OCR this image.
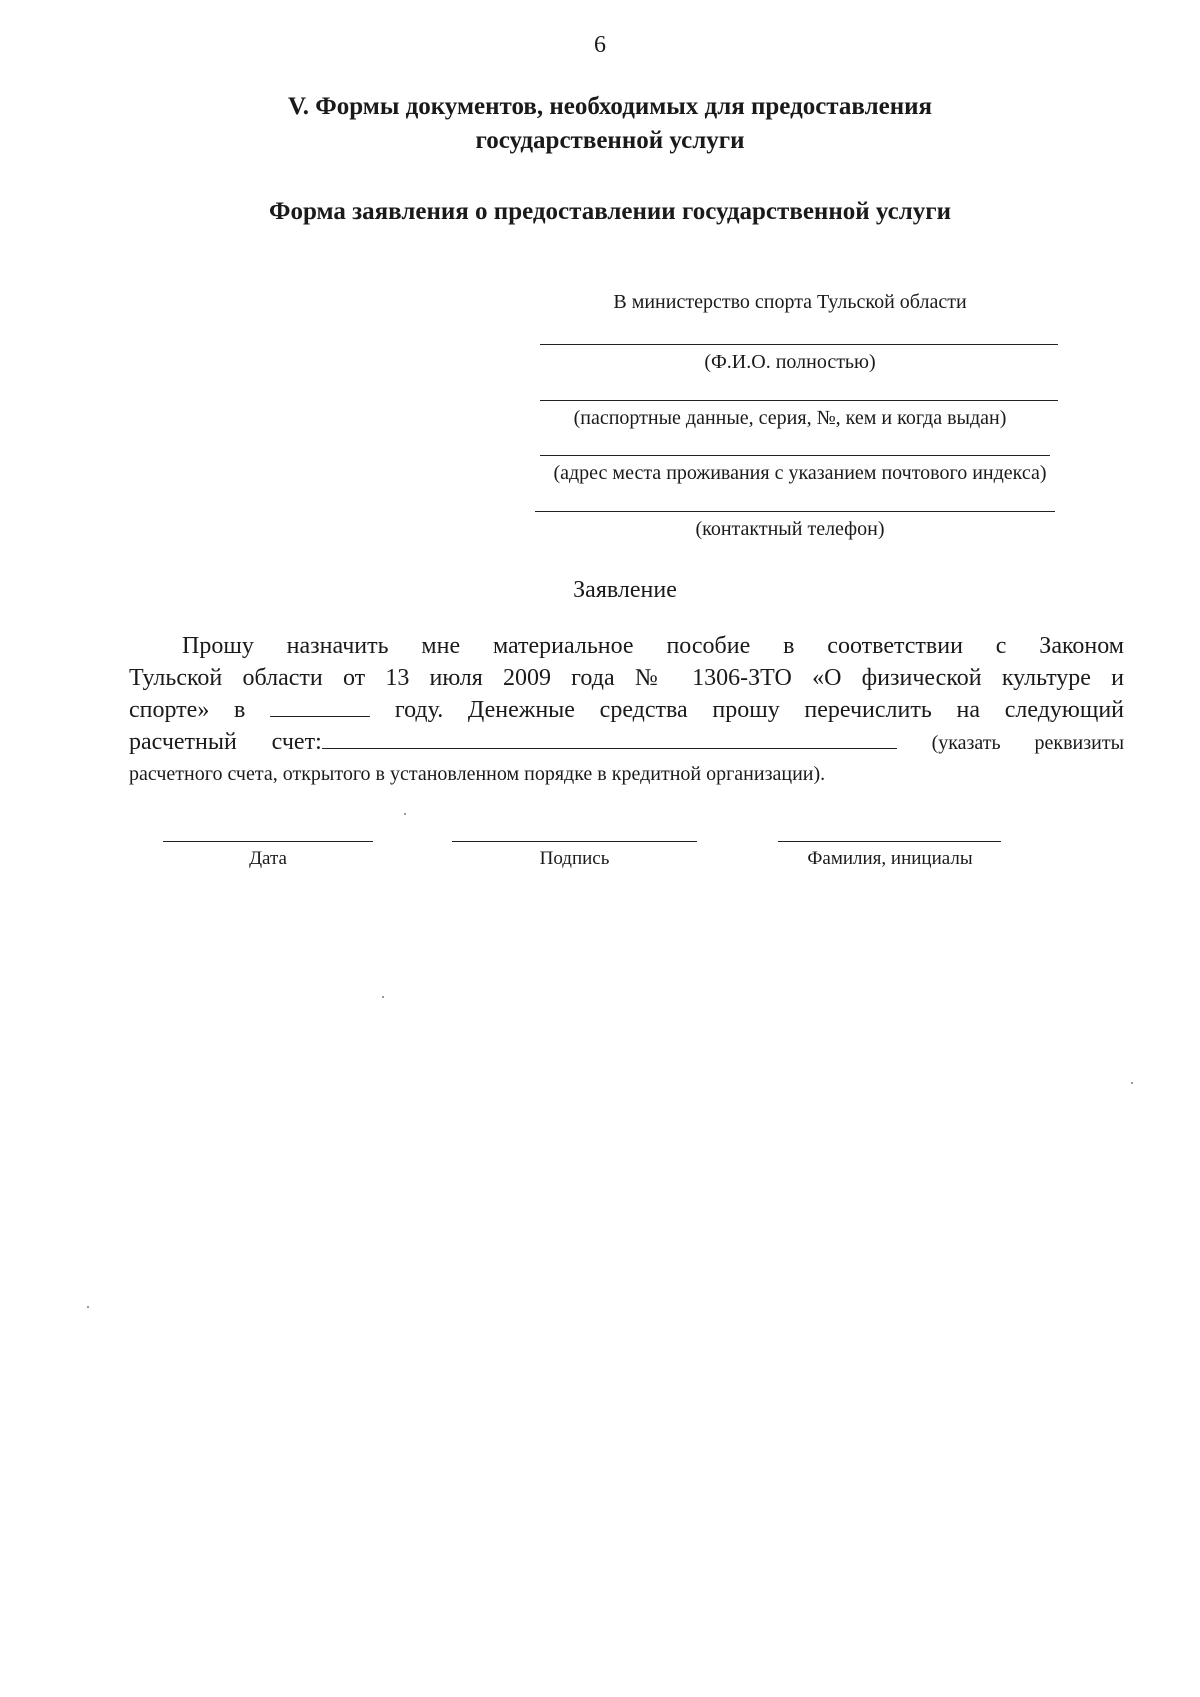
6
V. Формы документов, необходимых для предоставления
государственной услуги
Форма заявления о предоставлении государственной услуги
В министерство спорта Тульской области
(Ф.И.О. полностью)
(паспортные данные, серия, №, кем и когда выдан)
(адрес места проживания с указанием почтового индекса)
(контактный телефон)
Заявление
Прошу назначить мне материальное пособие в соответствии с Законом
Тульской области от 13 июля 2009 года № 1306-ЗТО «О физической культуре и
спорте» в	году. Денежные средства прошу перечислить на следующий
расчетный счет:	(указать реквизиты
расчетного счета, открытого в установленном порядке в кредитной организации).
Дата	Подпись	Фамилия, инициалы
